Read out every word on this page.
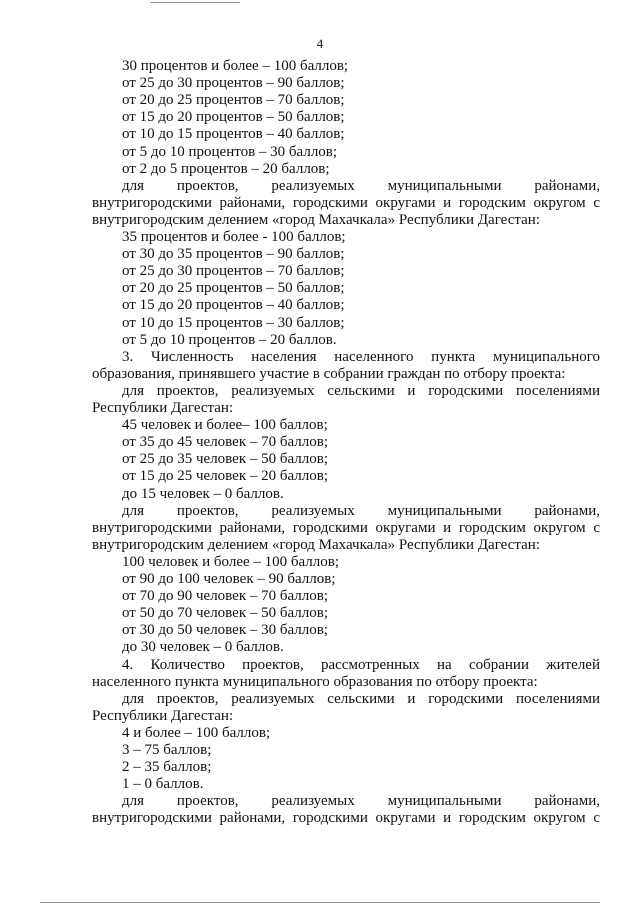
4
30 процентов и более – 100 баллов;
от 25 до 30 процентов – 90 баллов;
от 20 до 25 процентов – 70 баллов;
от 15 до 20 процентов – 50 баллов;
от 10 до 15 процентов – 40 баллов;
от 5 до 10 процентов – 30 баллов;
от 2 до 5 процентов – 20 баллов;
для проектов, реализуемых муниципальными районами,
внутригородскими районами, городскими округами и городским округом с
внутригородским делением «город Махачкала» Республики Дагестан:
35 процентов и более - 100 баллов;
от 30 до 35 процентов – 90 баллов;
от 25 до 30 процентов – 70 баллов;
от 20 до 25 процентов – 50 баллов;
от 15 до 20 процентов – 40 баллов;
от 10 до 15 процентов – 30 баллов;
от 5 до 10 процентов – 20 баллов.
3. Численность населения населенного пункта муниципального
образования, принявшего участие в собрании граждан по отбору проекта:
для проектов, реализуемых сельскими и городскими поселениями
Республики Дагестан:
45 человек и более– 100 баллов;
от 35 до 45 человек – 70 баллов;
от 25 до 35 человек – 50 баллов;
от 15 до 25 человек – 20 баллов;
до 15 человек – 0 баллов.
для проектов, реализуемых муниципальными районами,
внутригородскими районами, городскими округами и городским округом с
внутригородским делением «город Махачкала» Республики Дагестан:
100 человек и более – 100 баллов;
от 90 до 100 человек – 90 баллов;
от 70 до 90 человек – 70 баллов;
от 50 до 70 человек – 50 баллов;
от 30 до 50 человек – 30 баллов;
до 30 человек – 0 баллов.
4. Количество проектов, рассмотренных на собрании жителей
населенного пункта муниципального образования по отбору проекта:
для проектов, реализуемых сельскими и городскими поселениями
Республики Дагестан:
4 и более – 100 баллов;
3 – 75 баллов;
2 – 35 баллов;
1 – 0 баллов.
для проектов, реализуемых муниципальными районами,
внутригородскими районами, городскими округами и городским округом с
